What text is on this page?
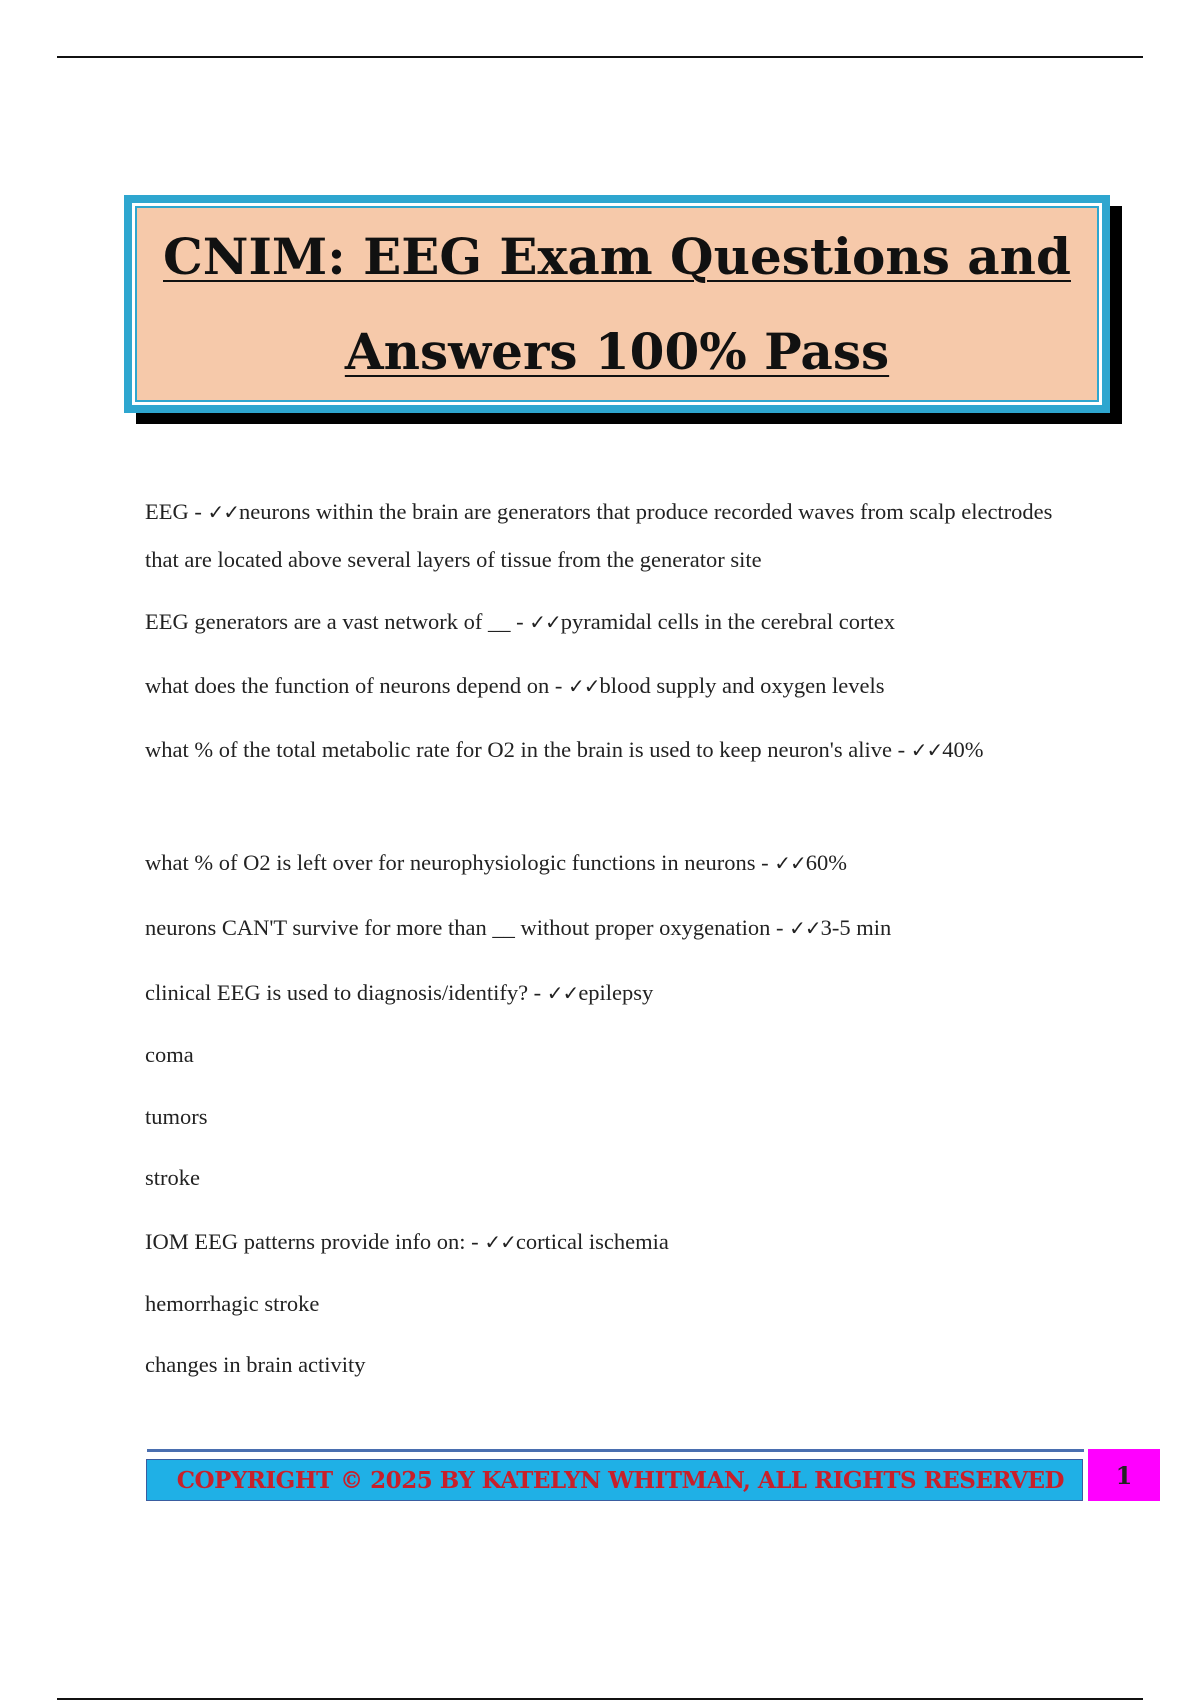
CNIM: EEG Exam Questions and
Answers 100% Pass
EEG - ✓✓neurons within the brain are generators that produce recorded waves from scalp electrodes that are located above several layers of tissue from the generator site
EEG generators are a vast network of __ - ✓✓pyramidal cells in the cerebral cortex
what does the function of neurons depend on - ✓✓blood supply and oxygen levels
what % of the total metabolic rate for O2 in the brain is used to keep neuron's alive - ✓✓40%
what % of O2 is left over for neurophysiologic functions in neurons - ✓✓60%
neurons CAN'T survive for more than __ without proper oxygenation - ✓✓3-5 min
clinical EEG is used to diagnosis/identify? - ✓✓epilepsy
coma
tumors
stroke
IOM EEG patterns provide info on: - ✓✓cortical ischemia
hemorrhagic stroke
changes in brain activity
COPYRIGHT © 2025 BY KATELYN WHITMAN, ALL RIGHTS RESERVED 1
